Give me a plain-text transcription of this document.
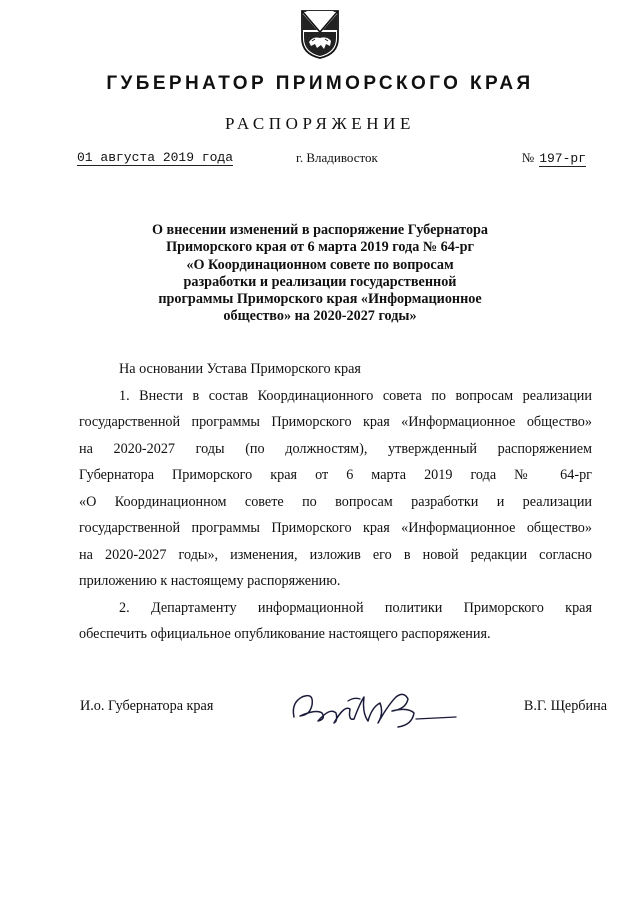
ГУБЕРНАТОР ПРИМОРСКОГО КРАЯ
РАСПОРЯЖЕНИЕ
01 августа 2019 года	г. Владивосток	№ 197-рг
О внесении изменений в распоряжение Губернатора
Приморского края от 6 марта 2019 года № 64-рг
«О Координационном совете по вопросам
разработки и реализации государственной
программы Приморского края «Информационное
общество» на 2020-2027 годы»
На основании Устава Приморского края
1. Внести в состав Координационного совета по вопросам реализации
государственной программы Приморского края «Информационное общество»
на 2020-2027 годы (по должностям), утвержденный распоряжением
Губернатора Приморского края от 6 марта 2019 года № 64-рг
«О Координационном совете по вопросам разработки и реализации
государственной программы Приморского края «Информационное общество»
на 2020-2027 годы», изменения, изложив его в новой редакции согласно
приложению к настоящему распоряжению.
2. Департаменту информационной политики Приморского края
обеспечить официальное опубликование настоящего распоряжения.
И.о. Губернатора края	В.Г. Щербина
